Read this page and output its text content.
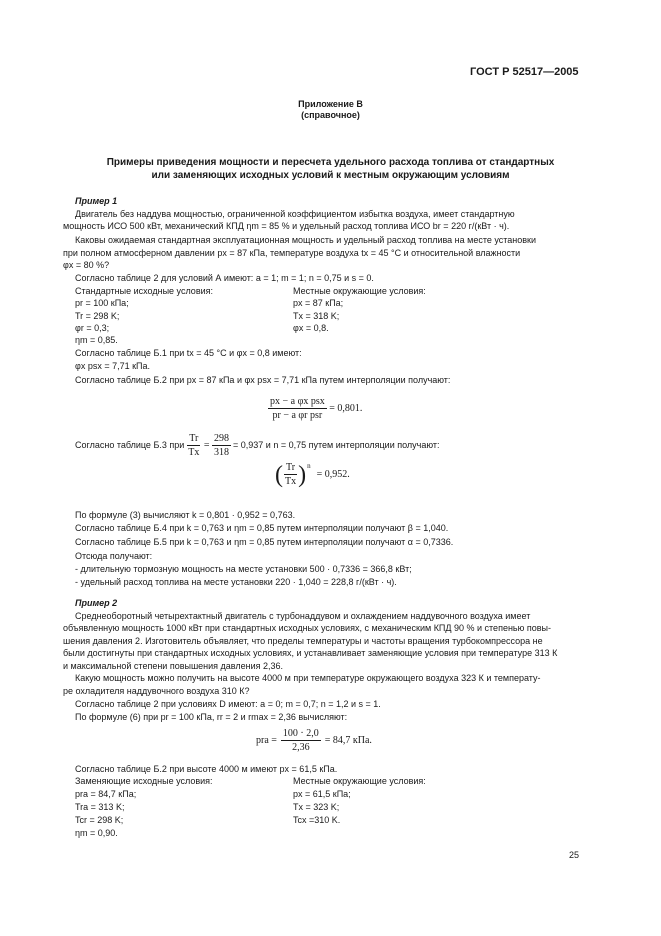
ГОСТ Р 52517—2005
Приложение В
(справочное)
Примеры приведения мощности и пересчета удельного расхода топлива от стандартных
или заменяющих исходных условий к местным окружающим условиям
Пример 1
Двигатель без наддува мощностью, ограниченной коэффициентом избытка воздуха, имеет стандартную
мощность ИСО 500 кВт, механический КПД ηm = 85 % и удельный расход топлива ИСО br = 220 г/(кВт · ч).
Каковы ожидаемая стандартная эксплуатационная мощность и удельный расход топлива на месте установки
при полном атмосферном давлении px = 87 кПа, температуре воздуха tx = 45 °С и относительной влажности
φx = 80 %?
Согласно таблице 2 для условий А имеют: a = 1; m = 1; n = 0,75 и s = 0.
Стандартные исходные условия:	Местные окружающие условия:
pr = 100 кПа;
Tr = 298 K;
φr = 0,3;
ηm = 0,85.
px = 87 кПа;
Tx = 318 K;
φx = 0,8.
Согласно таблице Б.1 при tx = 45 °C и φx = 0,8 имеют:
φx psx = 7,71 кПа.
Согласно таблице Б.2 при px = 87 кПа и φx psx = 7,71 кПа путем интерполяции получают:
$\frac{\text{px − a φx psx}}{\text{pr − a φr psr}} = 0,801$.
Согласно таблице Б.3 при $\frac{Tr}{Tx} = \frac{298}{318} = 0,937$ и n = 0,75 путем интерполяции получают:
( $\frac{Tr}{Tx}$ ) n
= 0,952.
По формуле (3) вычисляют k = 0,801 · 0,952 = 0,763.
Согласно таблице Б.4 при k = 0,763 и ηm = 0,85 путем интерполяции получают β = 1,040.
Согласно таблице Б.5 при k = 0,763 и ηm = 0,85 путем интерполяции получают α = 0,7336.
Отсюда получают:
- длительную тормозную мощность на месте установки 500 · 0,7336 = 366,8 кВт;
- удельный расход топлива на месте установки 220 · 1,040 = 228,8 г/(кВт · ч).
Пример 2
Среднеоборотный четырехтактный двигатель с турбонаддувом и охлаждением наддувочного воздуха имеет
объявленную мощность 1000 кВт при стандартных исходных условиях, с механическим КПД 90 % и степенью повы-
шения давления 2. Изготовитель объявляет, что пределы температуры и частоты вращения турбокомпрессора не
были достигнуты при стандартных исходных условиях, и устанавливает заменяющие условия при температуре 313 К
и максимальной степени повышения давления 2,36.
Какую мощность можно получить на высоте 4000 м при температуре окружающего воздуха 323 К и температу-
ре охладителя наддувочного воздуха 310 К?
Согласно таблице 2 при условиях D имеют: a = 0; m = 0,7; n = 1,2 и s = 1.
По формуле (6) при pr = 100 кПа, rr = 2 и rmax = 2,36 вычисляют:
pra = $\frac{100 \cdot 2,0}{2,36} = 84,7$ кПа.
Согласно таблице Б.2 при высоте 4000 м имеют px = 61,5 кПа.
Заменяющие исходные условия:	Местные окружающие условия:
pra = 84,7 кПа;
Tra = 313 K;
Tcr = 298 K;
ηm = 0,90.
px = 61,5 кПа;
Tx = 323 K;
Tcx =310 K.
25
